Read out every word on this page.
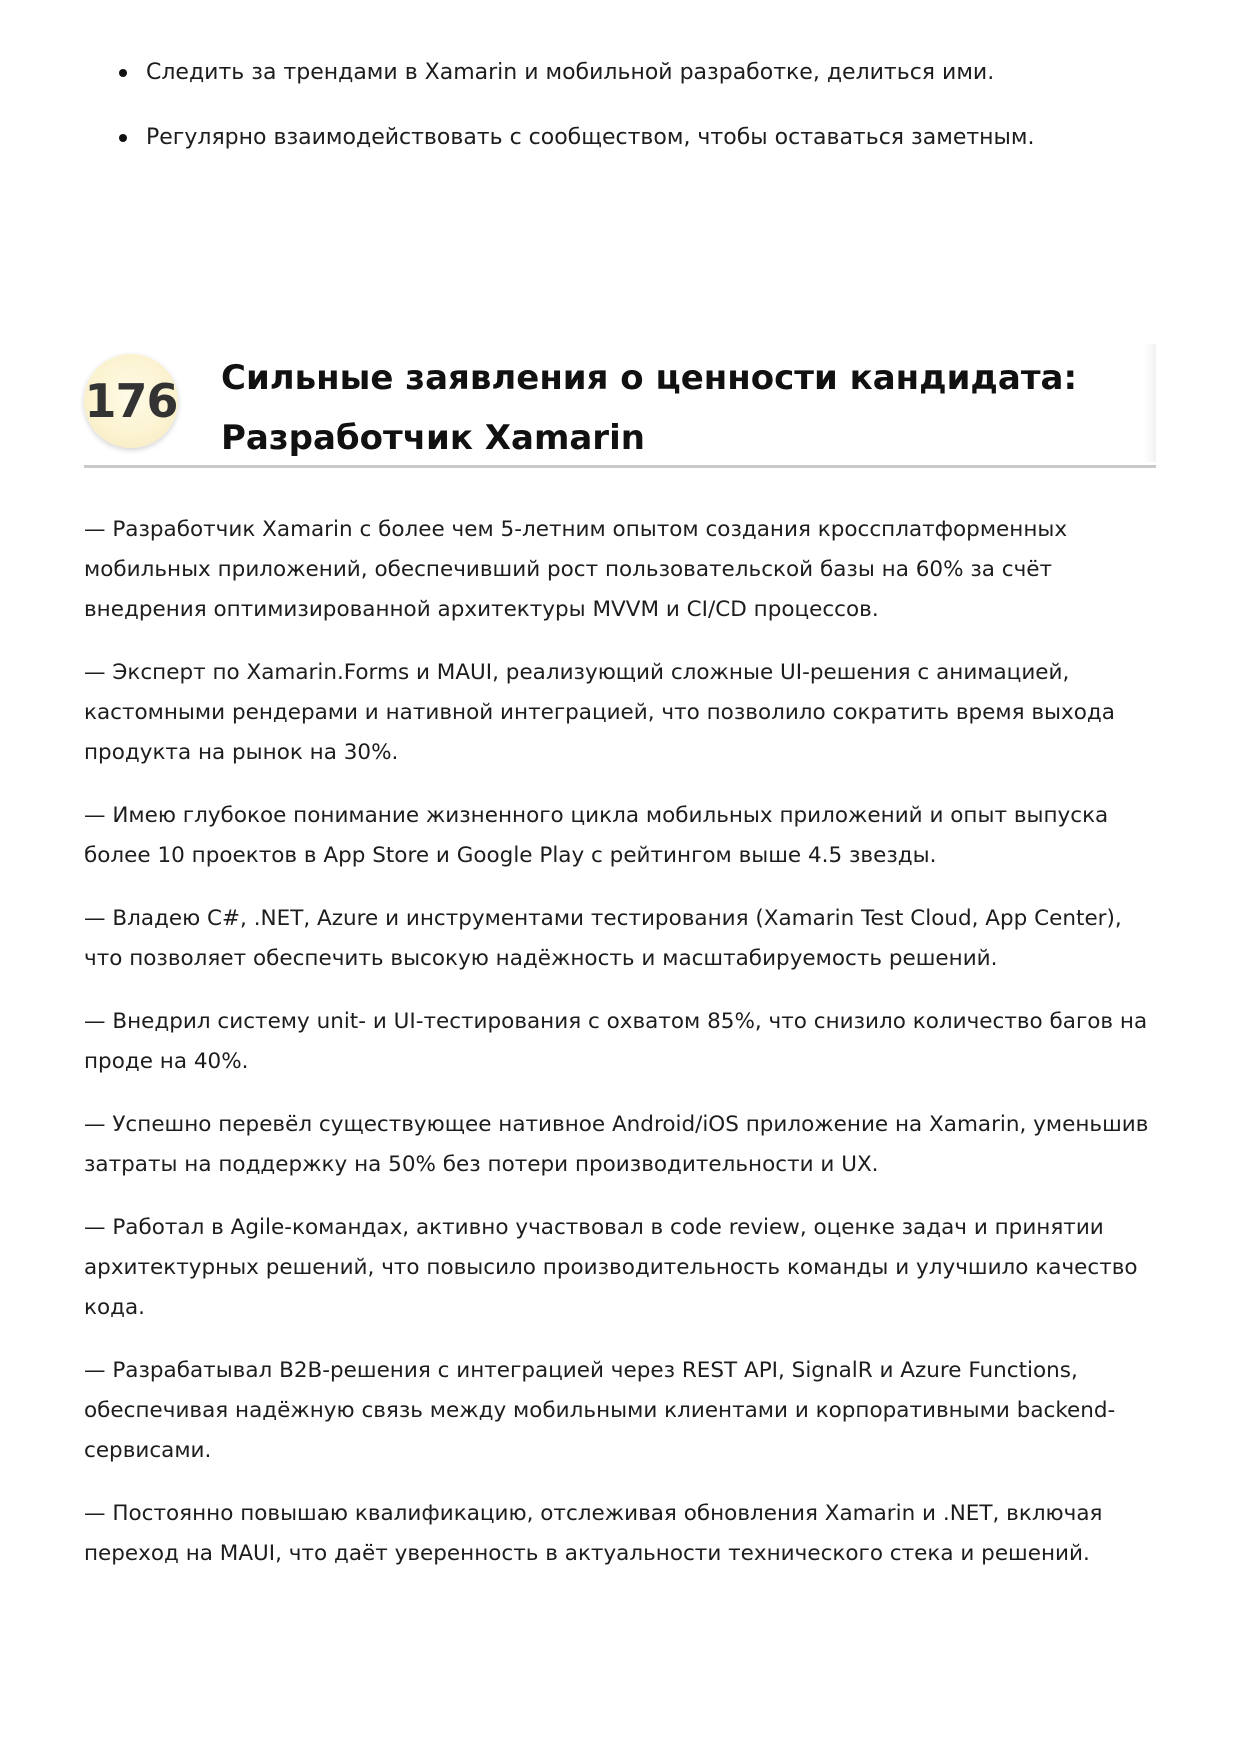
Следить за трендами в Xamarin и мобильной разработке, делиться ими.
Регулярно взаимодействовать с сообществом, чтобы оставаться заметным.
176 Сильные заявления о ценности кандидата: Разработчик Xamarin

— Разработчик Xamarin с более чем 5-летним опытом создания кроссплатформенных мобильных приложений, обеспечивший рост пользовательской базы на 60% за счёт внедрения оптимизированной архитектуры MVVM и CI/CD процессов.

— Эксперт по Xamarin.Forms и MAUI, реализующий сложные UI-решения с анимацией, кастомными рендерами и нативной интеграцией, что позволило сократить время выхода продукта на рынок на 30%.

— Имею глубокое понимание жизненного цикла мобильных приложений и опыт выпуска более 10 проектов в App Store и Google Play с рейтингом выше 4.5 звезды.

— Владею C#, .NET, Azure и инструментами тестирования (Xamarin Test Cloud, App Center), что позволяет обеспечить высокую надёжность и масштабируемость решений.

— Внедрил систему unit- и UI-тестирования с охватом 85%, что снизило количество багов на проде на 40%.

— Успешно перевёл существующее нативное Android/iOS приложение на Xamarin, уменьшив затраты на поддержку на 50% без потери производительности и UX.

— Работал в Agile-командах, активно участвовал в code review, оценке задач и принятии архитектурных решений, что повысило производительность команды и улучшило качество кода.

— Разрабатывал B2B-решения с интеграцией через REST API, SignalR и Azure Functions, обеспечивая надёжную связь между мобильными клиентами и корпоративными backend-сервисами.

— Постоянно повышаю квалификацию, отслеживая обновления Xamarin и .NET, включая переход на MAUI, что даёт уверенность в актуальности технического стека и решений.
